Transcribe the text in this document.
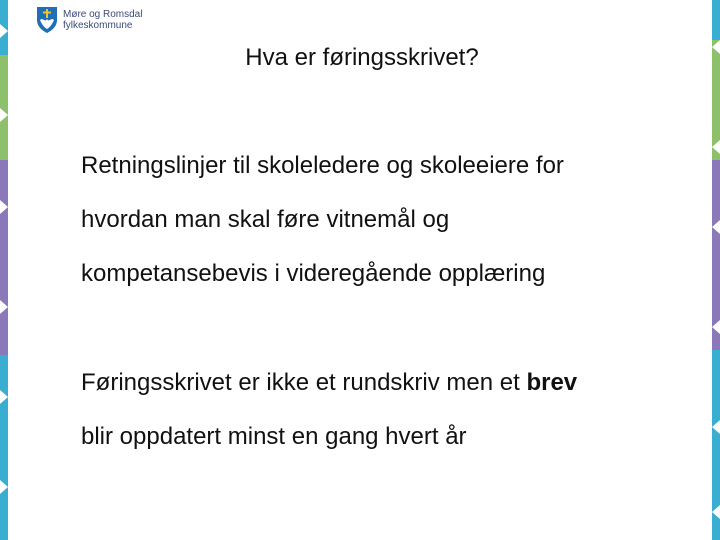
Møre og Romsdal
fylkeskommune
Hva er føringsskrivet?
Retningslinjer til skoleledere og skoleeiere for
hvordan man skal føre vitnemål og
kompetansebevis i videregående opplæring
Føringsskrivet er ikke et rundskriv men et brev
blir oppdatert minst en gang hvert år
